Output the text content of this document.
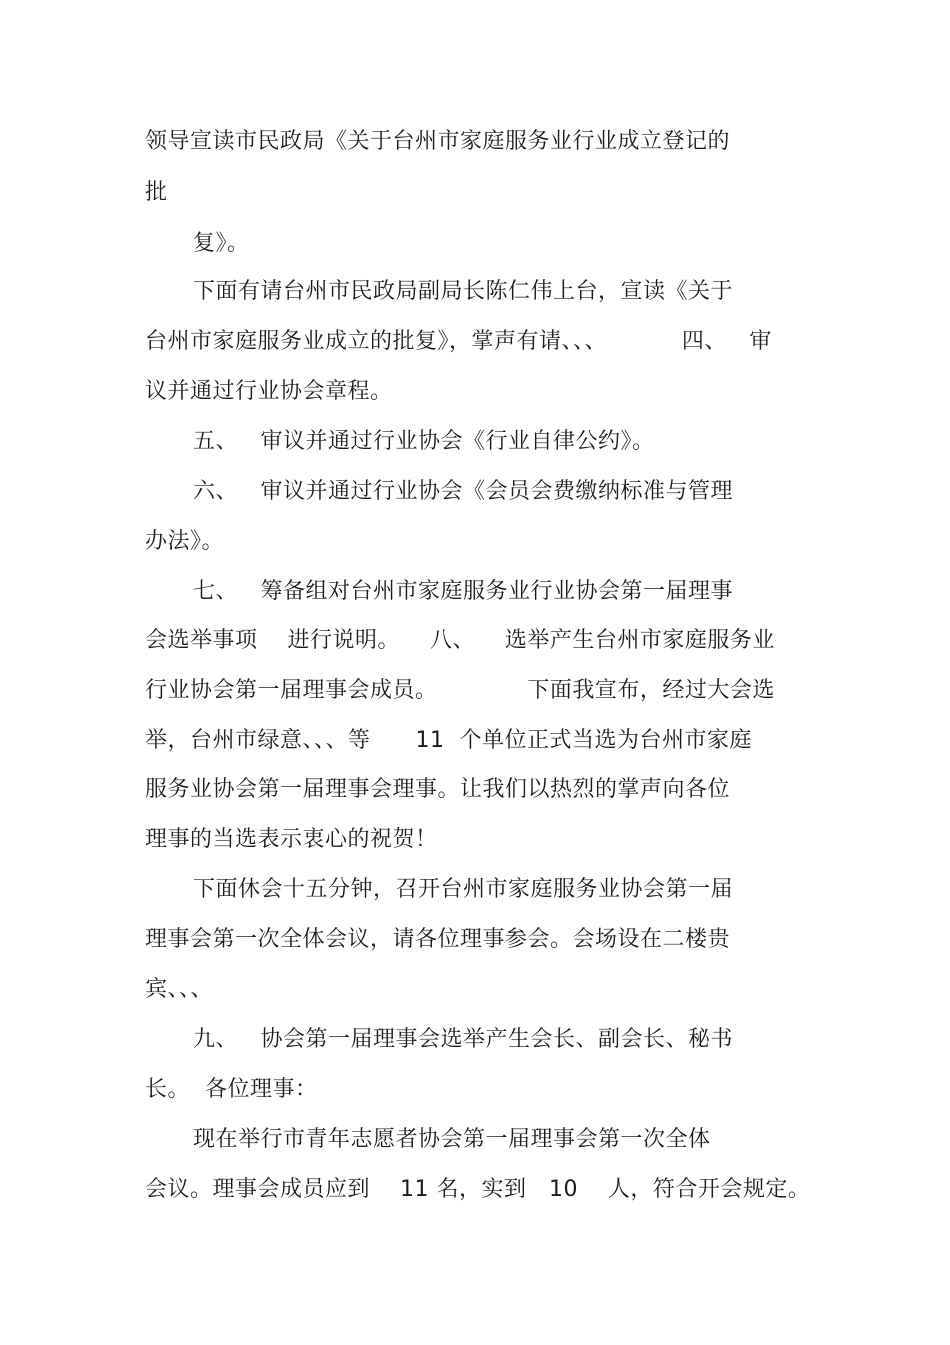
领导宣读市民政局《关于台州市家庭服务业行业成立登记的
批
复》。
下面有请台州市民政局副局长陈仁伟上台，宣读《关于
台州市家庭服务业成立的批复》，掌声有请、、、          四、   审
议并通过行业协会章程。
五、   审议并通过行业协会《行业自律公约》。
六、   审议并通过行业协会《会员会费缴纳标准与管理
办法》。
七、   筹备组对台州市家庭服务业行业协会第一届理事
会选举事项    进行说明。    八、    选举产生台州市家庭服务业
行业协会第一届理事会成员。            下面我宣布，经过大会选
举，台州市绿意、、、等      11  个单位正式当选为台州市家庭
服务业协会第一届理事会理事。让我们以热烈的掌声向各位
理事的当选表示衷心的祝贺！
下面休会十五分钟，召开台州市家庭服务业协会第一届
理事会第一次全体会议，请各位理事参会。会场设在二楼贵
宾、、、
九、   协会第一届理事会选举产生会长、副会长、秘书
长。  各位理事：
现在举行市青年志愿者协会第一届理事会第一次全体
会议。理事会成员应到    11 名，实到   10    人，符合开会规定。
